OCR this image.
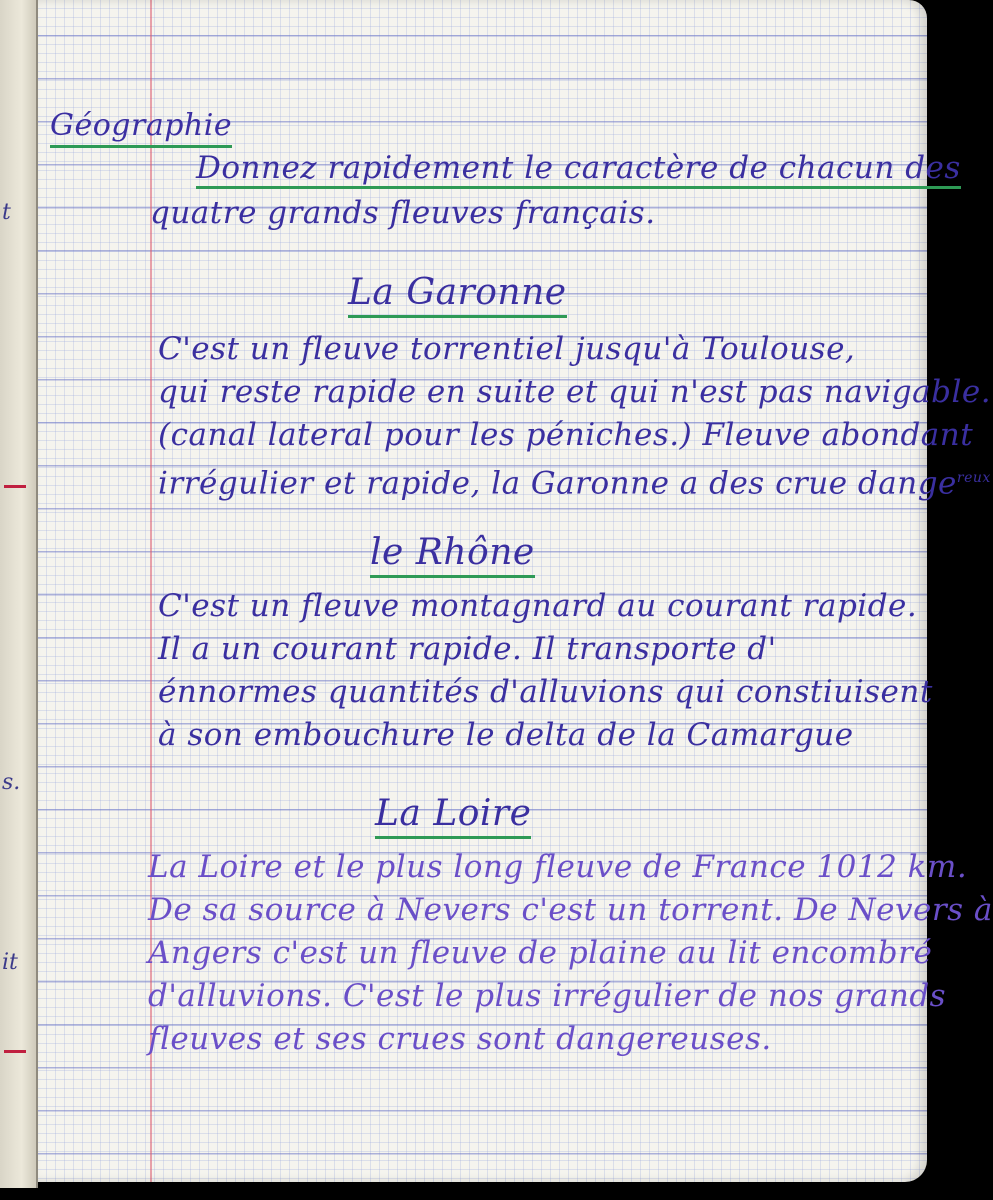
t
s.
it
Géographie
Donnez rapidement le caractère de chacun des
quatre grands fleuves français.
La Garonne
C'est un fleuve torrentiel jusqu'à Toulouse,
qui reste rapide en suite et qui n'est pas navigable.
(canal lateral pour les péniches.) Fleuve abondant
irrégulier et rapide, la Garonne a des crue dange$^{reux}$
le Rhône
C'est un fleuve montagnard au courant rapide.
Il a un courant rapide. Il transporte d'
énnormes quantités d'alluvions qui constiuisent
à son embouchure le delta de la Camargue
La Loire
La Loire et le plus long fleuve de France 1012 km.
De sa source à Nevers c'est un torrent. De Nevers à
Angers c'est un fleuve de plaine au lit encombré
d'alluvions. C'est le plus irrégulier de nos grands
fleuves et ses crues sont dangereuses.
